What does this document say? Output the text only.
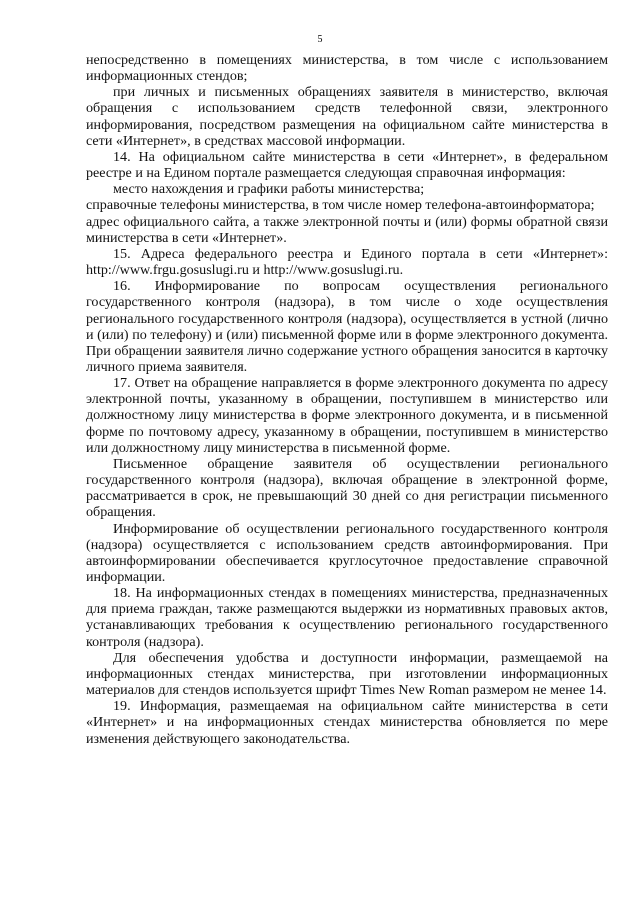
5

непосредственно в помещениях министерства, в том числе с использованием информационных стендов;

при личных и письменных обращениях заявителя в министерство, включая обращения с использованием средств телефонной связи, электронного информирования, посредством размещения на официальном сайте министерства в сети «Интернет», в средствах массовой информации.

14. На официальном сайте министерства в сети «Интернет», в федеральном реестре и на Едином портале размещается следующая справочная информация:

место нахождения и графики работы министерства;

справочные телефоны министерства, в том числе номер телефона-автоинформатора;

адрес официального сайта, а также электронной почты и (или) формы обратной связи министерства в сети «Интернет».

15. Адреса федерального реестра и Единого портала в сети «Интернет»: http://www.frgu.gosuslugi.ru и http://www.gosuslugi.ru.

16. Информирование по вопросам осуществления регионального государственного контроля (надзора), в том числе о ходе осуществления регионального государственного контроля (надзора), осуществляется в устной (лично и (или) по телефону) и (или) письменной форме или в форме электронного документа. При обращении заявителя лично содержание устного обращения заносится в карточку личного приема заявителя.

17. Ответ на обращение направляется в форме электронного документа по адресу электронной почты, указанному в обращении, поступившем в министерство или должностному лицу министерства в форме электронного документа, и в письменной форме по почтовому адресу, указанному в обращении, поступившем в министерство или должностному лицу министерства в письменной форме.

Письменное обращение заявителя об осуществлении регионального государственного контроля (надзора), включая обращение в электронной форме, рассматривается в срок, не превышающий 30 дней со дня регистрации письменного обращения.

Информирование об осуществлении регионального государственного контроля (надзора) осуществляется с использованием средств автоинформирования. При автоинформировании обеспечивается круглосуточное предоставление справочной информации.

18. На информационных стендах в помещениях министерства, предназначенных для приема граждан, также размещаются выдержки из нормативных правовых актов, устанавливающих требования к осуществлению регионального государственного контроля (надзора).

Для обеспечения удобства и доступности информации, размещаемой на информационных стендах министерства, при изготовлении информационных материалов для стендов используется шрифт Times New Roman размером не менее 14.

19. Информация, размещаемая на официальном сайте министерства в сети «Интернет» и на информационных стендах министерства обновляется по мере изменения действующего законодательства.
